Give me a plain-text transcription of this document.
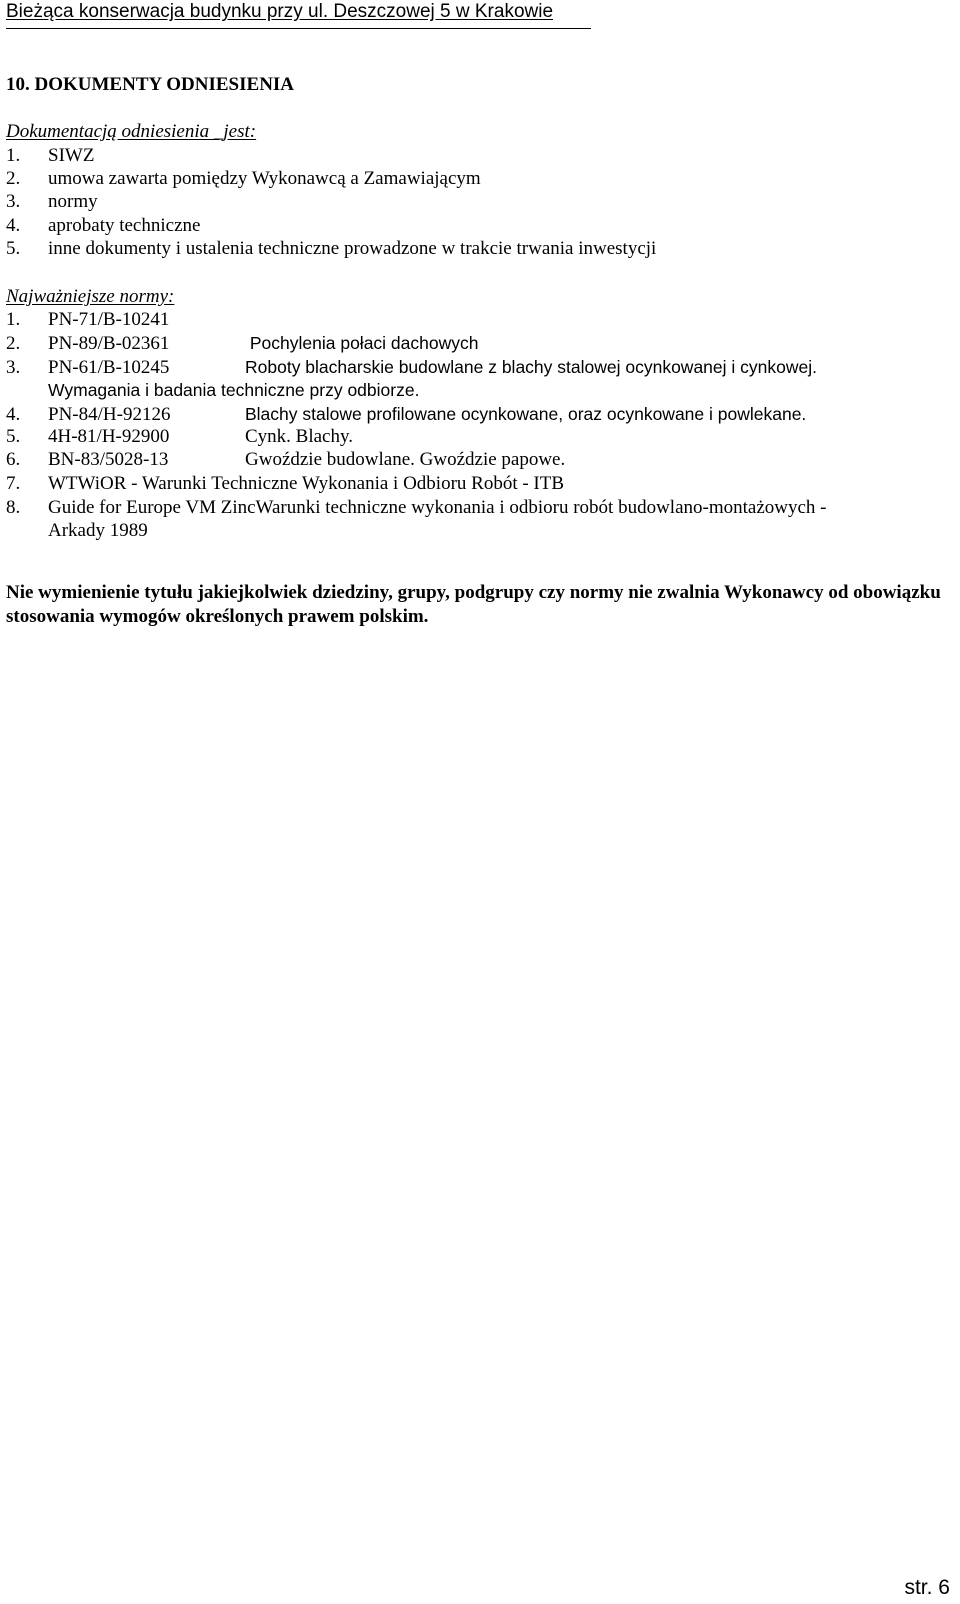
Bieżąca konserwacja budynku przy ul. Deszczowej 5 w Krakowie
10. DOKUMENTY ODNIESIENIA
Dokumentacją odniesienia _jest:
1. SIWZ
2. umowa zawarta pomiędzy Wykonawcą a Zamawiającym
3. normy
4. aprobaty techniczne
5. inne dokumenty i ustalenia techniczne prowadzone w trakcie trwania inwestycji
Najważniejsze normy:
1. PN-71/B-10241
2. PN-89/B-02361	Pochylenia połaci dachowych
3. PN-61/B-10245	Roboty blacharskie budowlane z blachy stalowej ocynkowanej i cynkowej.
Wymagania i badania techniczne przy odbiorze.
4. PN-84/H-92126	Blachy stalowe profilowane ocynkowane, oraz ocynkowane i powlekane.
5. 4H-81/H-92900	Cynk. Blachy.
6. BN-83/5028-13	Gwoździe budowlane. Gwoździe papowe.
7. WTWiOR - Warunki Techniczne Wykonania i Odbioru Robót - ITB
8. Guide for Europe VM ZincWarunki techniczne wykonania i odbioru robót budowlano-montażowych -
Arkady 1989
Nie wymienienie tytułu jakiejkolwiek dziedziny, grupy, podgrupy czy normy nie zwalnia Wykonawcy od obowiązku stosowania wymogów określonych prawem polskim.
str. 6
